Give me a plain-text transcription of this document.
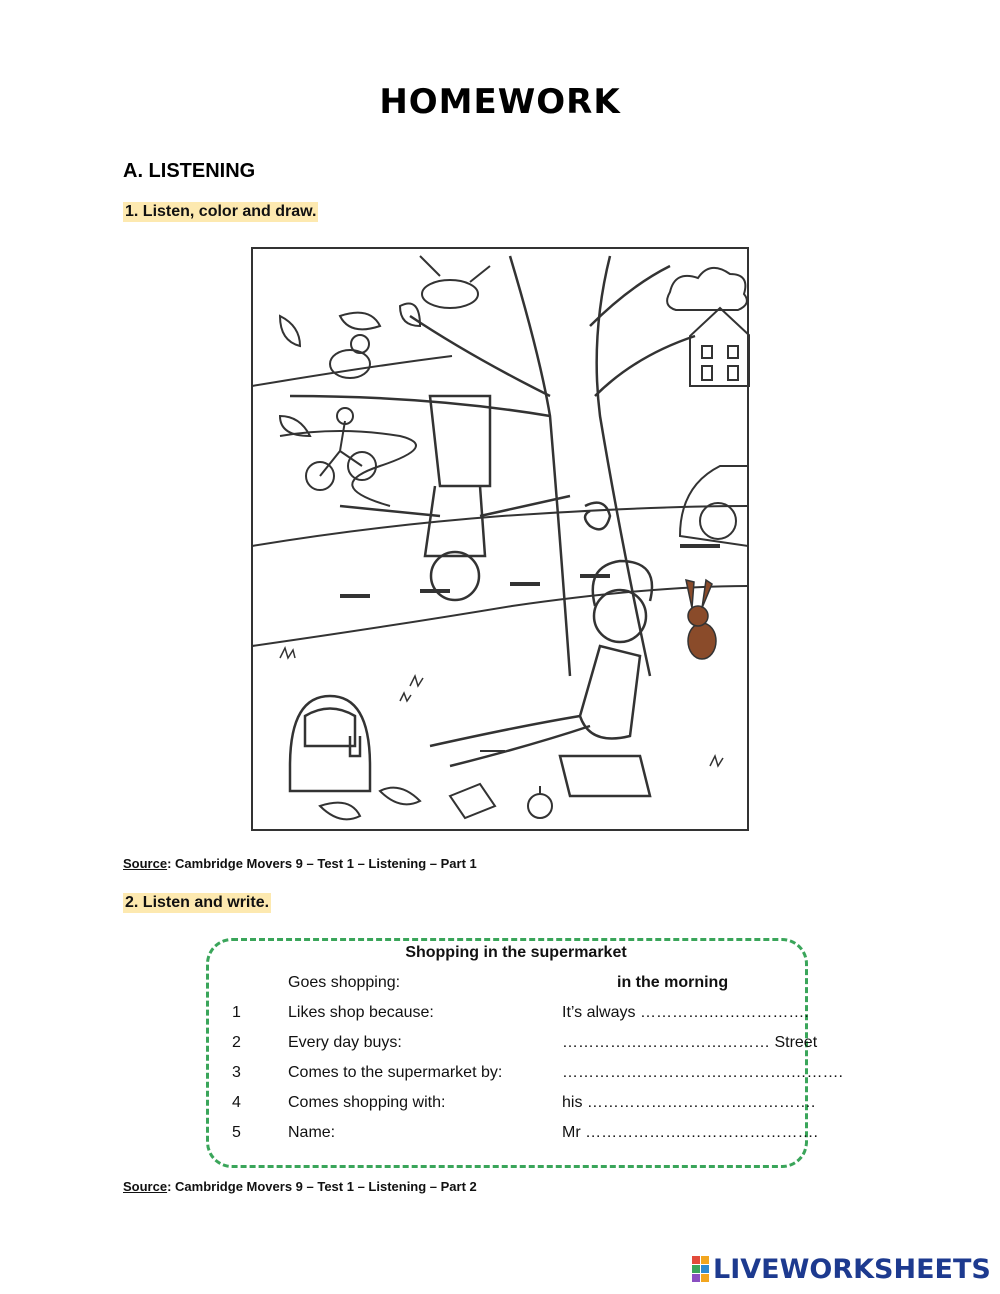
HOMEWORK
A. LISTENING
1. Listen, color and draw.
Source: Cambridge Movers 9 – Test 1 – Listening – Part 1
2. Listen and write.
Shopping in the supermarket
Goes shopping:	in the morning
1	Likes shop because:	It’s always ………….……………….
2	Every day buys:	………………………………… Street
3	Comes to the supermarket by:	…………………………………….……….
4	Comes shopping with:	his …………………………………….
5	Name:	Mr ……………….…………………….
Source: Cambridge Movers 9 – Test 1 – Listening – Part 2
LIVEWORKSHEETS
